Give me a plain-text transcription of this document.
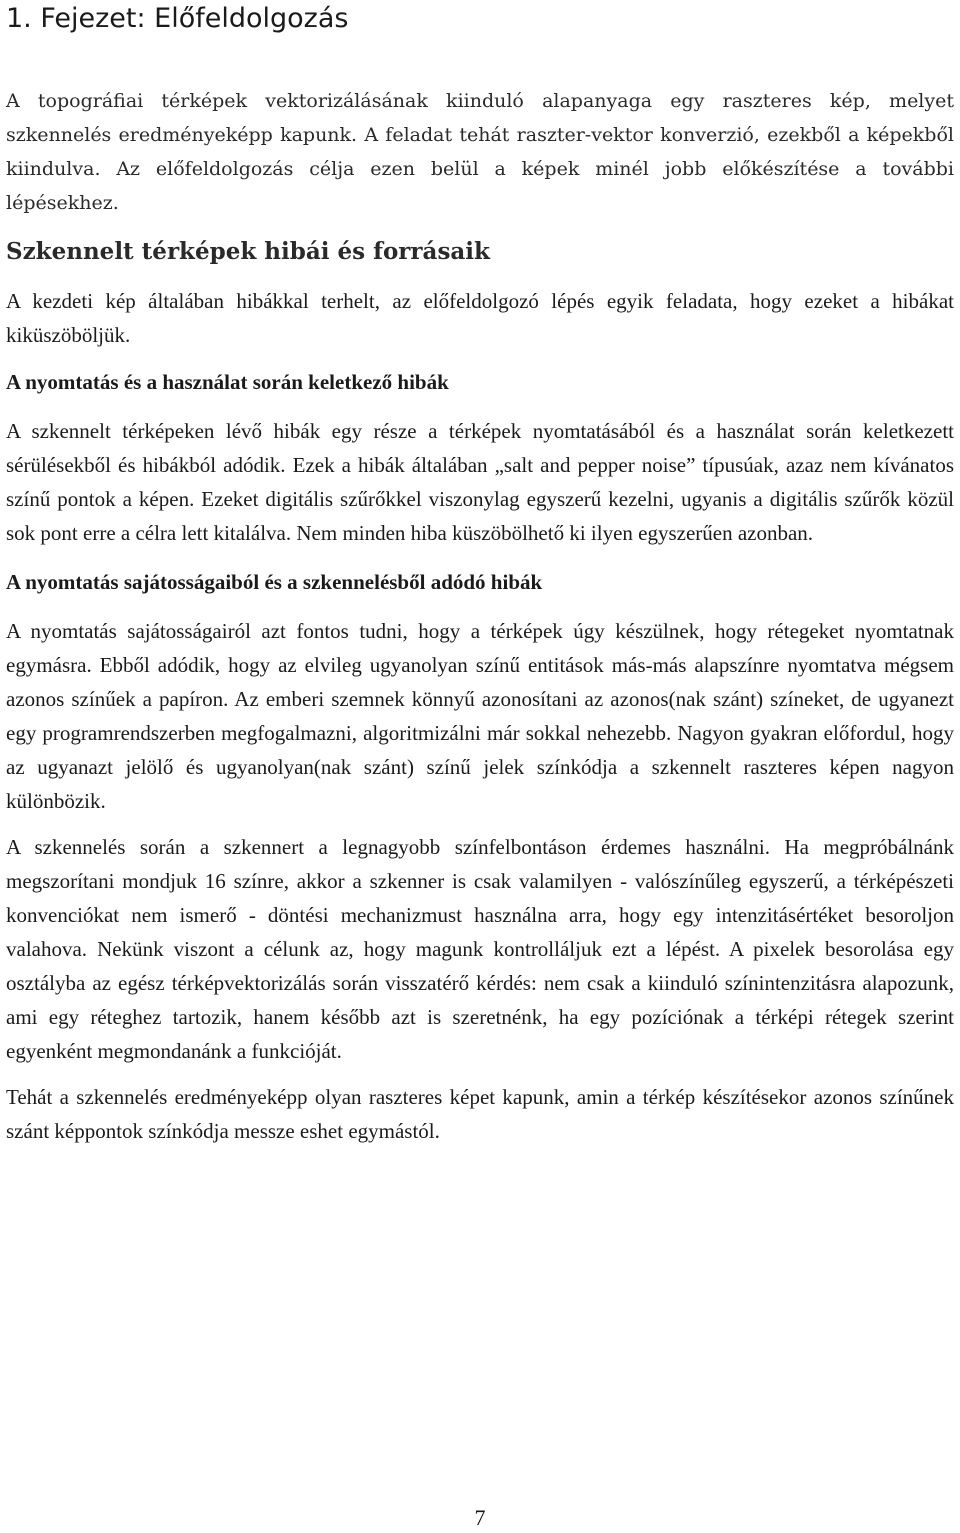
1. Fejezet: Előfeldolgozás

A topográfiai térképek vektorizálásának kiinduló alapanyaga egy raszteres kép, melyet szkennelés eredményeképp kapunk. A feladat tehát raszter-vektor konverzió, ezekből a képekből kiindulva. Az előfeldolgozás célja ezen belül a képek minél jobb előkészítése a további lépésekhez.

Szkennelt térképek hibái és forrásaik

A kezdeti kép általában hibákkal terhelt, az előfeldolgozó lépés egyik feladata, hogy ezeket a hibákat kiküszöböljük.

A nyomtatás és a használat során keletkező hibák

A szkennelt térképeken lévő hibák egy része a térképek nyomtatásából és a használat során keletkezett sérülésekből és hibákból adódik. Ezek a hibák általában „salt and pepper noise” típusúak, azaz nem kívánatos színű pontok a képen. Ezeket digitális szűrőkkel viszonylag egyszerű kezelni, ugyanis a digitális szűrők közül sok pont erre a célra lett kitalálva. Nem minden hiba küszöbölhető ki ilyen egyszerűen azonban.

A nyomtatás sajátosságaiból és a szkennelésből adódó hibák

A nyomtatás sajátosságairól azt fontos tudni, hogy a térképek úgy készülnek, hogy rétegeket nyomtatnak egymásra. Ebből adódik, hogy az elvileg ugyanolyan színű entitások más-más alapszínre nyomtatva mégsem azonos színűek a papíron. Az emberi szemnek könnyű azonosítani az azonos(nak szánt) színeket, de ugyanezt egy programrendszerben megfogalmazni, algoritmizálni már sokkal nehezebb. Nagyon gyakran előfordul, hogy az ugyanazt jelölő és ugyanolyan(nak szánt) színű jelek színkódja a szkennelt raszteres képen nagyon különbözik.

A szkennelés során a szkennert a legnagyobb színfelbontáson érdemes használni. Ha megpróbálnánk megszorítani mondjuk 16 színre, akkor a szkenner is csak valamilyen - valószínűleg egyszerű, a térképészeti konvenciókat nem ismerő - döntési mechanizmust használna arra, hogy egy intenzitásértéket besoroljon valahova. Nekünk viszont a célunk az, hogy magunk kontrolláljuk ezt a lépést. A pixelek besorolása egy osztályba az egész térképvektorizálás során visszatérő kérdés: nem csak a kiinduló színintenzitásra alapozunk, ami egy réteghez tartozik, hanem később azt is szeretnénk, ha egy pozíciónak a térképi rétegek szerint egyenként megmondanánk a funkcióját.

Tehát a szkennelés eredményeképp olyan raszteres képet kapunk, amin a térkép készítésekor azonos színűnek szánt képpontok színkódja messze eshet egymástól.

7
